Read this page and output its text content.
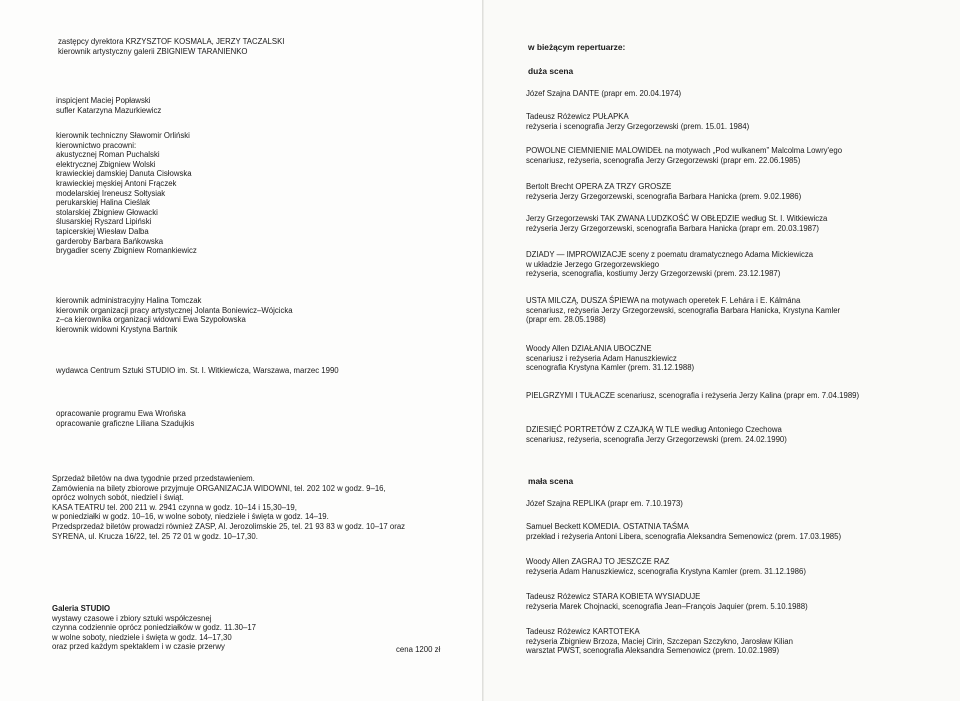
zastępcy dyrektora KRZYSZTOF KOSMALA, JERZY TACZALSKI
kierownik artystyczny galerii ZBIGNIEW TARANIENKO
inspicjent Maciej Popławski
sufler Katarzyna Mazurkiewicz
kierownik techniczny Sławomir Orliński
kierownictwo pracowni:
akustycznej Roman Puchalski
elektrycznej Zbigniew Wolski
krawieckiej damskiej Danuta Cisłowska
krawieckiej męskiej Antoni Frączek
modelarskiej Ireneusz Sołtysiak
perukarskiej Halina Cieślak
stolarskiej Zbigniew Głowacki
ślusarskiej Ryszard Lipiński
tapicerskiej Wiesław Dalba
garderoby Barbara Bańkowska
brygadier sceny Zbigniew Romankiewicz
kierownik administracyjny Halina Tomczak
kierownik organizacji pracy artystycznej Jolanta Boniewicz–Wójcicka
z–ca kierownika organizacji widowni Ewa Szypołowska
kierownik widowni Krystyna Bartnik
wydawca Centrum Sztuki STUDIO im. St. I. Witkiewicza, Warszawa, marzec 1990
opracowanie programu Ewa Wrońska
opracowanie graficzne Liliana Szadujkis
Sprzedaż biletów na dwa tygodnie przed przedstawieniem.
Zamówienia na bilety zbiorowe przyjmuje ORGANIZACJA WIDOWNI, tel. 202 102 w godz. 9–16,
oprócz wolnych sobót, niedziel i świąt.
KASA TEATRU tel. 200 211 w. 2941 czynna w godz. 10–14 i 15,30–19,
w poniedziałki w godz. 10–16, w wolne soboty, niedziele i święta w godz. 14–19.
Przedsprzedaż biletów prowadzi również ZASP, Al. Jerozolimskie 25, tel. 21 93 83 w godz. 10–17 oraz
SYRENA, ul. Krucza 16/22, tel. 25 72 01 w godz. 10–17,30.
Galeria STUDIO
wystawy czasowe i zbiory sztuki współczesnej
czynna codziennie oprócz poniedziałków w godz. 11.30–17
w wolne soboty, niedziele i święta w godz. 14–17,30
oraz przed każdym spektaklem i w czasie przerwy	cena 1200 zł
w bieżącym repertuarze:
duża scena
Józef Szajna DANTE (prapr em. 20.04.1974)
Tadeusz Różewicz PUŁAPKA
reżyseria i scenografia Jerzy Grzegorzewski (prem. 15.01. 1984)
POWOLNE CIEMNIENIE MALOWIDEŁ na motywach „Pod wulkanem” Malcolma Lowry'ego
scenariusz, reżyseria, scenografia Jerzy Grzegorzewski (prapr em. 22.06.1985)
Bertolt Brecht OPERA ZA TRZY GROSZE
reżyseria Jerzy Grzegorzewski, scenografia Barbara Hanicka (prem. 9.02.1986)
Jerzy Grzegorzewski TAK ZWANA LUDZKOŚĆ W OBŁĘDZIE według St. I. Witkiewicza
reżyseria Jerzy Grzegorzewski, scenografia Barbara Hanicka (prapr em. 20.03.1987)
DZIADY — IMPROWIZACJE sceny z poematu dramatycznego Adama Mickiewicza
w układzie Jerzego Grzegorzewskiego
reżyseria, scenografia, kostiumy Jerzy Grzegorzewski (prem. 23.12.1987)
USTA MILCZĄ, DUSZA ŚPIEWA na motywach operetek F. Lehára i E. Kálmána
scenariusz, reżyseria Jerzy Grzegorzewski, scenografia Barbara Hanicka, Krystyna Kamler
(prapr em. 28.05.1988)
Woody Allen DZIAŁANIA UBOCZNE
scenariusz i reżyseria Adam Hanuszkiewicz
scenografia Krystyna Kamler (prem. 31.12.1988)
PIELGRZYMI I TUŁACZE scenariusz, scenografia i reżyseria Jerzy Kalina (prapr em. 7.04.1989)
DZIESIĘĆ PORTRETÓW Z CZAJKĄ W TLE według Antoniego Czechowa
scenariusz, reżyseria, scenografia Jerzy Grzegorzewski (prem. 24.02.1990)
mała scena
Józef Szajna REPLIKA (prapr em. 7.10.1973)
Samuel Beckett KOMEDIA. OSTATNIA TAŚMA
przekład i reżyseria Antoni Libera, scenografia Aleksandra Semenowicz (prem. 17.03.1985)
Woody Allen ZAGRAJ TO JESZCZE RAZ
reżyseria Adam Hanuszkiewicz, scenografia Krystyna Kamler (prem. 31.12.1986)
Tadeusz Różewicz STARA KOBIETA WYSIADUJE
reżyseria Marek Chojnacki, scenografia Jean–François Jaquier (prem. 5.10.1988)
Tadeusz Różewicz KARTOTEKA
reżyseria Zbigniew Brzoza, Maciej Cirin, Szczepan Szczykno, Jarosław Kilian
warsztat PWST, scenografia Aleksandra Semenowicz (prem. 10.02.1989)
